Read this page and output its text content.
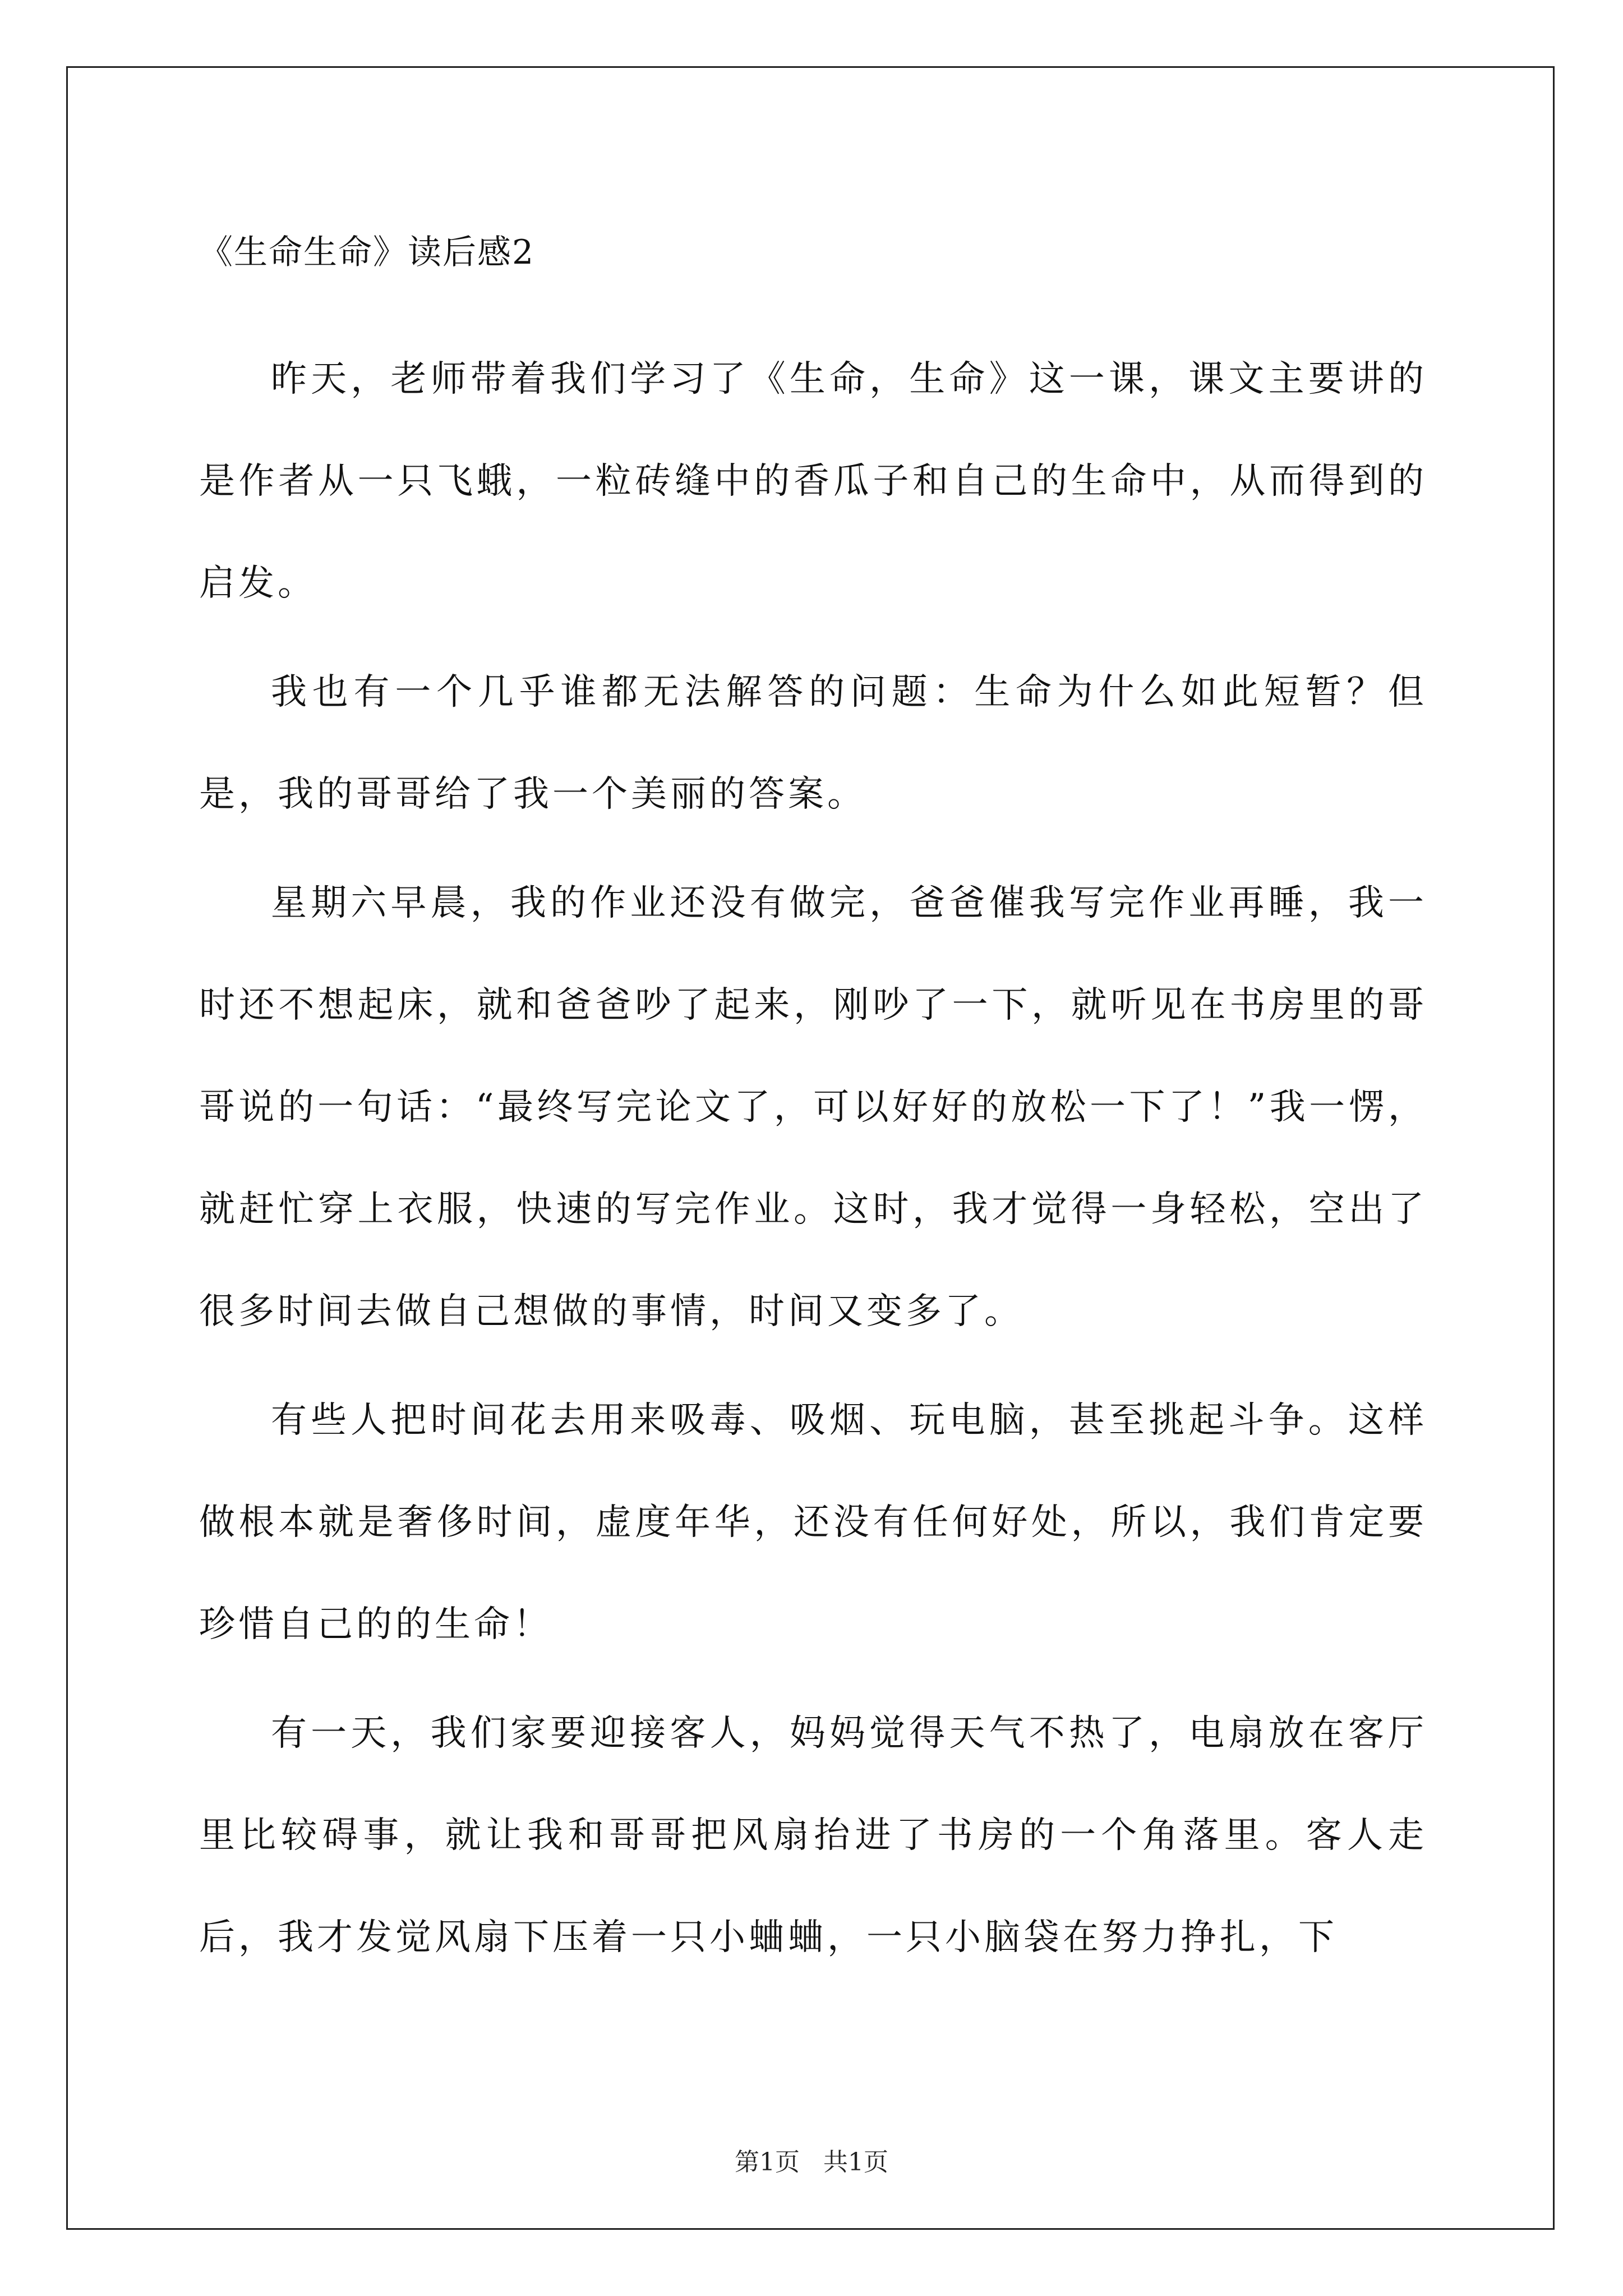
《生命生命》读后感2

昨天，老师带着我们学习了《生命，生命》这一课，课文主要讲的是作者从一只飞蛾，一粒砖缝中的香瓜子和自己的生命中，从而得到的启发。

我也有一个几乎谁都无法解答的问题：生命为什么如此短暂？但是，我的哥哥给了我一个美丽的答案。

星期六早晨，我的作业还没有做完，爸爸催我写完作业再睡，我一时还不想起床，就和爸爸吵了起来，刚吵了一下，就听见在书房里的哥哥说的一句话：“最终写完论文了，可以好好的放松一下了！”我一愣，就赶忙穿上衣服，快速的写完作业。这时，我才觉得一身轻松，空出了很多时间去做自己想做的事情，时间又变多了。

有些人把时间花去用来吸毒、吸烟、玩电脑，甚至挑起斗争。这样做根本就是奢侈时间，虚度年华，还没有任何好处，所以，我们肯定要珍惜自己的的生命！

有一天，我们家要迎接客人，妈妈觉得天气不热了，电扇放在客厅里比较碍事，就让我和哥哥把风扇抬进了书房的一个角落里。客人走后，我才发觉风扇下压着一只小蛐蛐，一只小脑袋在努力挣扎，下

第1页 共1页
